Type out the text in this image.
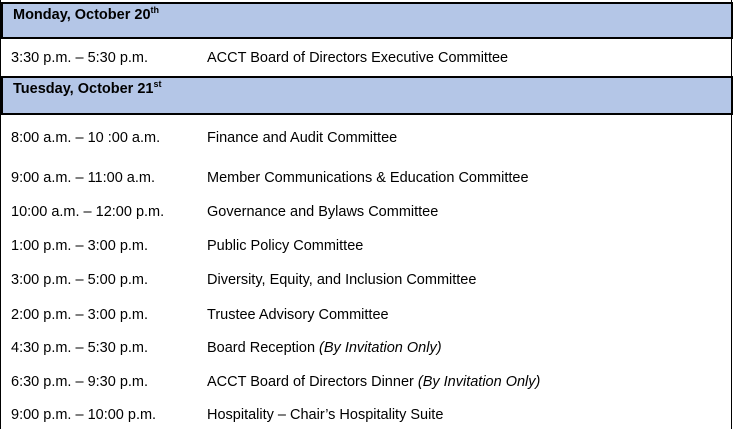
Monday, October 20th
3:30 p.m. – 5:30 p.m.	ACCT Board of Directors Executive Committee
Tuesday, October 21st
8:00 a.m. – 10 :00 a.m.	Finance and Audit Committee
9:00 a.m. – 11:00 a.m.	Member Communications & Education Committee
10:00 a.m. – 12:00 p.m.	Governance and Bylaws Committee
1:00 p.m. – 3:00 p.m.	Public Policy Committee
3:00 p.m. – 5:00 p.m.	Diversity, Equity, and Inclusion Committee
2:00 p.m. – 3:00 p.m.	Trustee Advisory Committee
4:30 p.m. – 5:30 p.m.	Board Reception (By Invitation Only)
6:30 p.m. – 9:30 p.m.	ACCT Board of Directors Dinner (By Invitation Only)
9:00 p.m. – 10:00 p.m.	Hospitality – Chair’s Hospitality Suite
